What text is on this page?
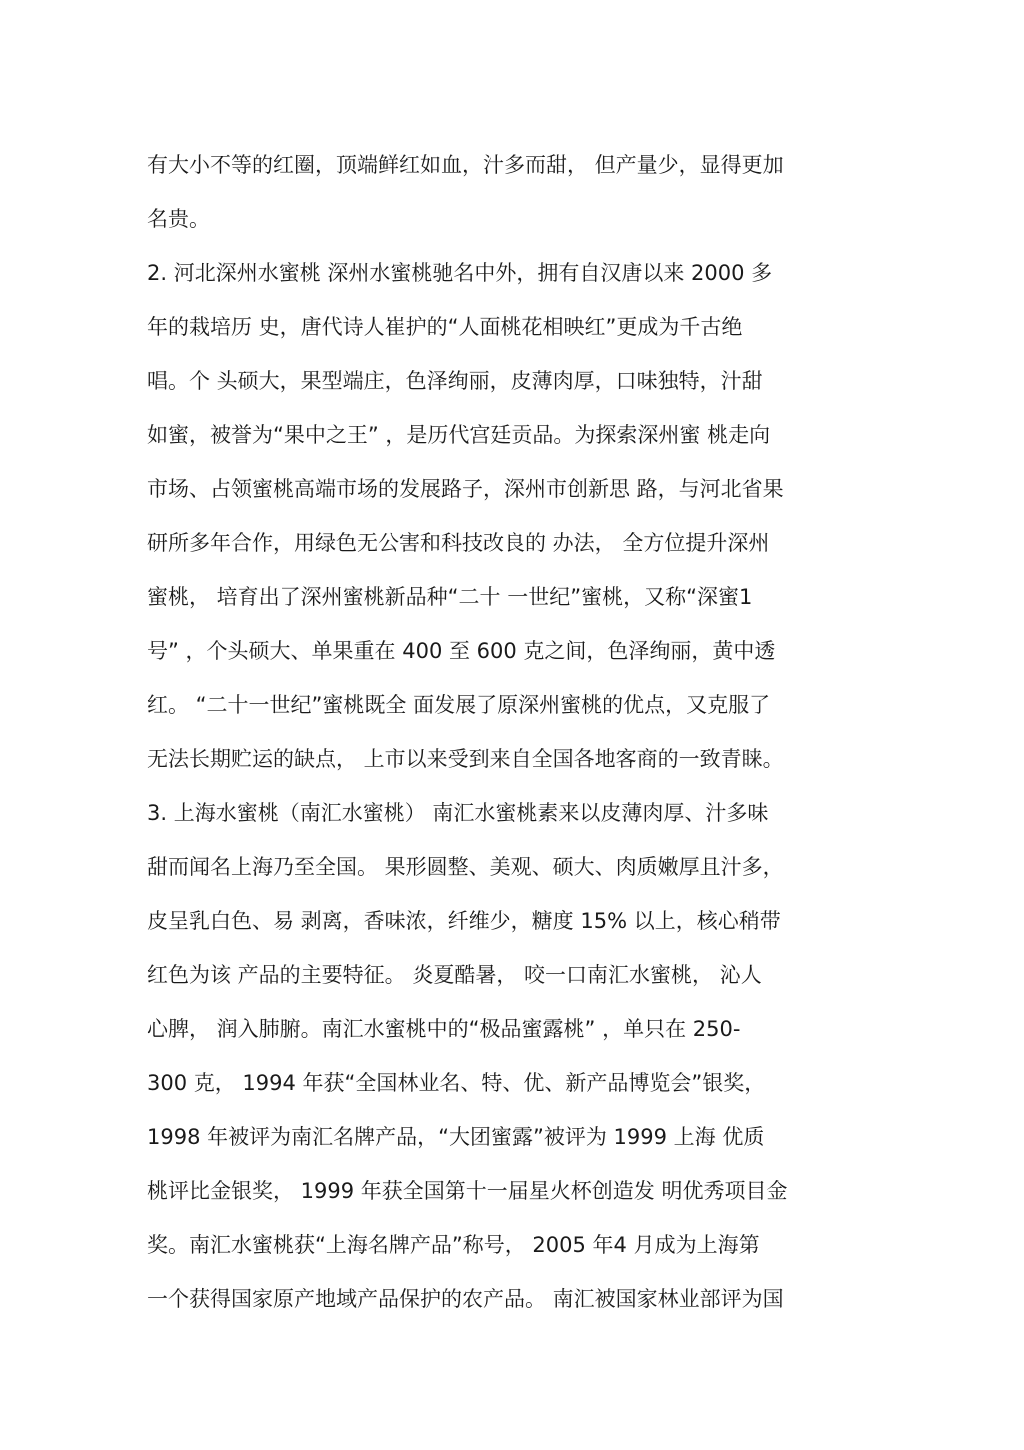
有大小不等的红圈，顶端鲜红如血，汁多而甜， 但产量少，显得更加
名贵。
2. 河北深州水蜜桃 深州水蜜桃驰名中外，拥有自汉唐以来 2000 多
年的栽培历 史，唐代诗人崔护的“人面桃花相映红”更成为千古绝
唱。个 头硕大，果型端庄，色泽绚丽，皮薄肉厚，口味独特，汁甜
如蜜，被誉为“果中之王” ，是历代宫廷贡品。为探索深州蜜 桃走向
市场、占领蜜桃高端市场的发展路子，深州市创新思 路，与河北省果
研所多年合作，用绿色无公害和科技改良的 办法， 全方位提升深州
蜜桃， 培育出了深州蜜桃新品种“二十 一世纪”蜜桃，又称“深蜜1
号” ，个头硕大、单果重在 400 至 600 克之间，色泽绚丽，黄中透
红。 “二十一世纪”蜜桃既全 面发展了原深州蜜桃的优点，又克服了
无法长期贮运的缺点， 上市以来受到来自全国各地客商的一致青睐。
3. 上海水蜜桃（南汇水蜜桃） 南汇水蜜桃素来以皮薄肉厚、汁多味
甜而闻名上海乃至全国。 果形圆整、美观、硕大、肉质嫩厚且汁多，
皮呈乳白色、易 剥离，香味浓，纤维少，糖度 15% 以上，核心稍带
红色为该 产品的主要特征。 炎夏酷暑， 咬一口南汇水蜜桃， 沁人
心脾， 润入肺腑。南汇水蜜桃中的“极品蜜露桃” ，单只在 250-
300 克， 1994 年获“全国林业名、特、优、新产品博览会”银奖，
1998 年被评为南汇名牌产品，“大团蜜露”被评为 1999 上海 优质
桃评比金银奖， 1999 年获全国第十一届星火杯创造发 明优秀项目金
奖。南汇水蜜桃获“上海名牌产品”称号， 2005 年4 月成为上海第
一个获得国家原产地域产品保护的农产品。 南汇被国家林业部评为国
